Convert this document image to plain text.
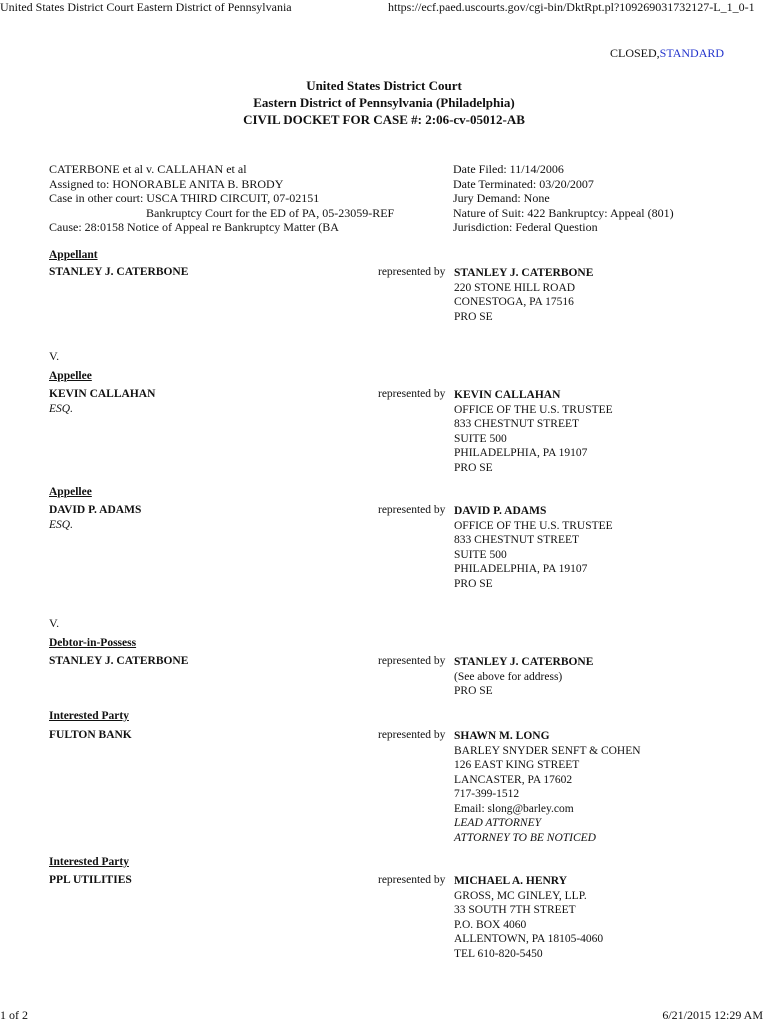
United States District Court Eastern District of Pennsylvania	https://ecf.paed.uscourts.gov/cgi-bin/DktRpt.pl?109269031732127-L_1_0-1
1 of 2	6/21/2015 12:29 AM
CLOSED,STANDARD
United States District Court
Eastern District of Pennsylvania (Philadelphia)
CIVIL DOCKET FOR CASE #: 2:06-cv-05012-AB
CATERBONE et al v. CALLAHAN et al
Assigned to: HONORABLE ANITA B. BRODY
Case in other court: USCA THIRD CIRCUIT, 07-02151
Bankruptcy Court for the ED of PA, 05-23059-REF
Cause: 28:0158 Notice of Appeal re Bankruptcy Matter (BA
Date Filed: 11/14/2006
Date Terminated: 03/20/2007
Jury Demand: None
Nature of Suit: 422 Bankruptcy: Appeal (801)
Jurisdiction: Federal Question
Appellant
STANLEY J. CATERBONE	represented by STANLEY J. CATERBONE
220 STONE HILL ROAD
CONESTOGA, PA 17516
PRO SE
V.
Appellee
KEVIN CALLAHAN
ESQ.
represented by KEVIN CALLAHAN
OFFICE OF THE U.S. TRUSTEE
833 CHESTNUT STREET
SUITE 500
PHILADELPHIA, PA 19107
PRO SE
Appellee
DAVID P. ADAMS
ESQ.
represented by DAVID P. ADAMS
OFFICE OF THE U.S. TRUSTEE
833 CHESTNUT STREET
SUITE 500
PHILADELPHIA, PA 19107
PRO SE
V.
Debtor-in-Possess
STANLEY J. CATERBONE	represented by STANLEY J. CATERBONE
(See above for address)
PRO SE
Interested Party
FULTON BANK	represented by SHAWN M. LONG
BARLEY SNYDER SENFT & COHEN
126 EAST KING STREET
LANCASTER, PA 17602
717-399-1512
Email: slong@barley.com
LEAD ATTORNEY
ATTORNEY TO BE NOTICED
Interested Party
PPL UTILITIES	represented by MICHAEL A. HENRY
GROSS, MC GINLEY, LLP.
33 SOUTH 7TH STREET
P.O. BOX 4060
ALLENTOWN, PA 18105-4060
TEL 610-820-5450
